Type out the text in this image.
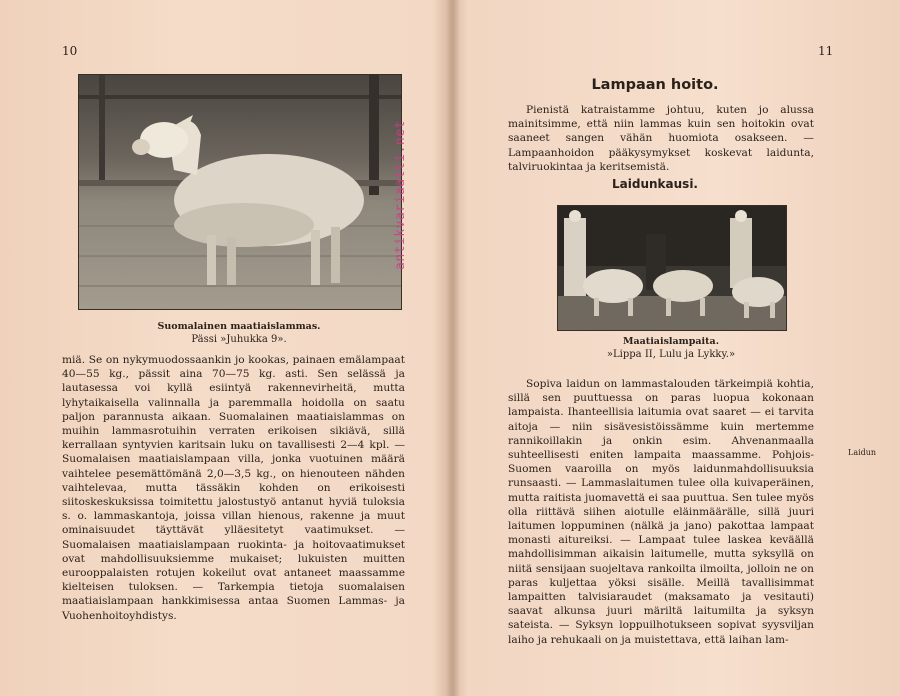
10
Suomalainen maatiaislammas.
Pässi »Juhukka 9».

miä. Se on nykymuodossaankin jo kookas, painaen emälampaat 40—55 kg., pässit aina 70—75 kg. asti. Sen selässä ja lautasessa voi kyllä esiintyä rakennevirheitä, mutta lyhytaikaisella valinnalla ja paremmalla hoidolla on saatu paljon parannusta aikaan. Suomalainen maatiaislammas on muihin lammasrotuihin verraten erikoisen sikiävä, sillä kerrallaan syntyvien karitsain luku on tavallisesti 2—4 kpl. — Suomalaisen maatiaislampaan villa, jonka vuotuinen määrä vaihtelee pesemättömänä 2,0—3,5 kg., on hienouteen nähden vaihtelevaa, mutta tässäkin kohden on erikoisesti siitoskeskuksissa toimitettu jalostustyö antanut hyviä tuloksia s. o. lammaskantoja, joissa villan hienous, rakenne ja muut ominaisuudet täyttävät ylläesitetyt vaatimukset. — Suomalaisen maatiaislampaan ruokinta- ja hoitovaatimukset ovat mahdollisuuksiemme mukaiset; lukuisten muitten eurooppalaisten rotujen kokeilut ovat antaneet maassamme kielteisen tuloksen. — Tarkempia tietoja suomalaisen maatiaislampaan hankkimisessa antaa Suomen Lammas- ja Vuohenhoitoyhdistys.

antikvariaatti.net
11
Lampaan hoito.

Pienistä katraistamme johtuu, kuten jo alussa mainitsimme, että niin lammas kuin sen hoitokin ovat saaneet sangen vähän huomiota osakseen. — Lampaanhoidon pääkysymykset koskevat laidunta, talviruokintaa ja keritsemistä.

Laidunkausi.
Maatiaislampaita.
»Lippa II, Lulu ja Lykky.»

Sopiva laidun on lammastalouden tärkeimpiä kohtia, sillä sen puuttuessa on paras luopua kokonaan lampaista. Ihanteellisia laitumia ovat saaret — ei tarvita aitoja — niin sisävesistöissämme kuin mertemme rannikoillakin ja onkin esim. Ahvenanmaalla suhteellisesti eniten lampaita maassamme. Pohjois-Suomen vaaroilla on myös laidunmahdollisuuksia runsaasti. — Lammaslaitumen tulee olla kuivaperäinen, mutta raitista juomavettä ei saa puuttua. Sen tulee myös olla riittävä siihen aiotulle eläinmäärälle, sillä juuri laitumen loppuminen (nälkä ja jano) pakottaa lampaat monasti aitureiksi. — Lampaat tulee laskea keväällä mahdollisimman aikaisin laitumelle, mutta syksyllä on niitä sensijaan suojeltava rankoilta ilmoilta, jolloin ne on paras kuljettaa yöksi sisälle. Meillä tavallisimmat lampaitten talvisiaraudet (maksamato ja vesitauti) saavat alkunsa juuri märiltä laitumilta ja syksyn sateista. — Syksyn loppuilhotukseen sopivat syysviljan laiho ja rehukaali on ja muistettava, että laihan lam-

Laidun
